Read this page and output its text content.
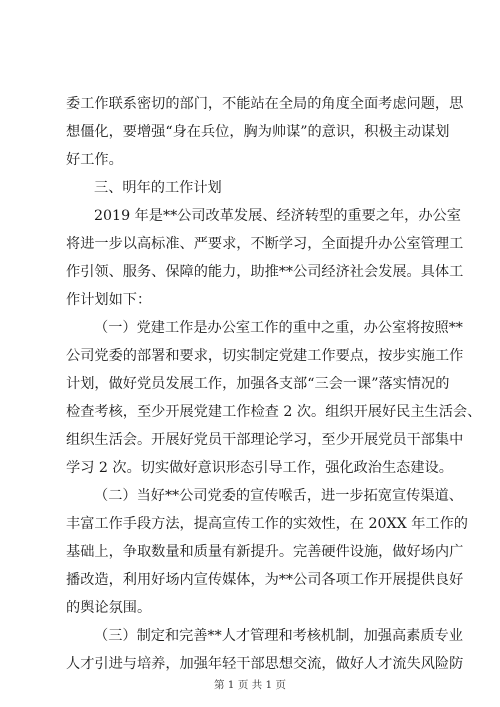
委工作联系密切的部门，不能站在全局的角度全面考虑问题，思
想僵化，要增强“身在兵位，胸为帅谋”的意识，积极主动谋划
好工作。
三、明年的工作计划
2019 年是**公司改革发展、经济转型的重要之年，办公室
将进一步以高标准、严要求，不断学习，全面提升办公室管理工
作引领、服务、保障的能力，助推**公司经济社会发展。具体工
作计划如下：
（一）党建工作是办公室工作的重中之重，办公室将按照**
公司党委的部署和要求，切实制定党建工作要点，按步实施工作
计划，做好党员发展工作，加强各支部“三会一课”落实情况的
检查考核，至少开展党建工作检查 2 次。组织开展好民主生活会、
组织生活会。开展好党员干部理论学习，至少开展党员干部集中
学习 2 次。切实做好意识形态引导工作，强化政治生态建设。
（二）当好**公司党委的宣传喉舌，进一步拓宽宣传渠道、
丰富工作手段方法，提高宣传工作的实效性，在 20XX 年工作的
基础上，争取数量和质量有新提升。完善硬件设施，做好场内广
播改造，利用好场内宣传媒体，为**公司各项工作开展提供良好
的舆论氛围。
（三）制定和完善**人才管理和考核机制，加强高素质专业
人才引进与培养，加强年轻干部思想交流，做好人才流失风险防
第 1 页 共 1 页
